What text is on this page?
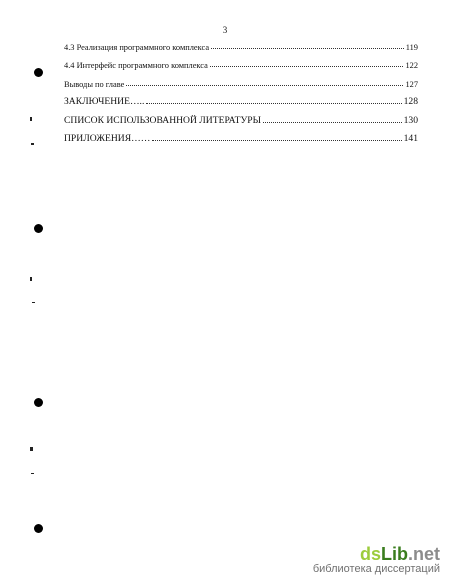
3
4.3 Реализация программного комплекса	119
4.4 Интерфейс программного комплекса	122
Выводы по главе	127
ЗАКЛЮЧЕНИЕ…..	128
СПИСОК ИСПОЛЬЗОВАННОЙ ЛИТЕРАТУРЫ	130
ПРИЛОЖЕНИЯ……	141
dsLib.net
библиотека диссертаций
